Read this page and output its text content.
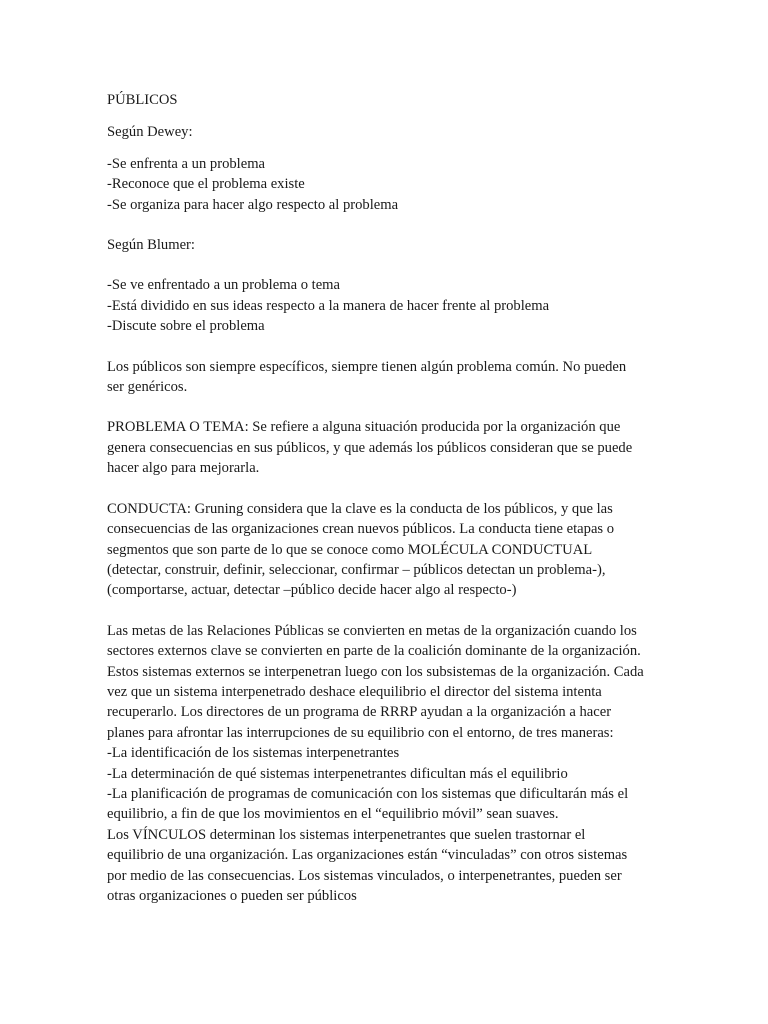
PÚBLICOS
Según Dewey:
-Se enfrenta a un problema
-Reconoce que el problema existe
-Se organiza para hacer algo respecto al problema
Según Blumer:
-Se ve enfrentado a un problema o tema
-Está dividido en sus ideas respecto a la manera de hacer frente al problema
-Discute sobre el problema
Los públicos son siempre específicos, siempre tienen algún problema común. No pueden
ser genéricos.
PROBLEMA O TEMA: Se refiere a alguna situación producida por la organización que
genera consecuencias en sus públicos, y que además los públicos consideran que se puede
hacer algo para mejorarla.
CONDUCTA: Gruning considera que la clave es la conducta de los públicos, y que las
consecuencias de las organizaciones crean nuevos públicos. La conducta tiene etapas o
segmentos que son parte de lo que se conoce como MOLÉCULA CONDUCTUAL
(detectar, construir, definir, seleccionar, confirmar – públicos detectan un problema-),
(comportarse, actuar, detectar –público decide hacer algo al respecto-)
Las metas de las Relaciones Públicas se convierten en metas de la organización cuando los
sectores externos clave se convierten en parte de la coalición dominante de la organización.
Estos sistemas externos se interpenetran luego con los subsistemas de la organización. Cada
vez que un sistema interpenetrado deshace elequilibrio el director del sistema intenta
recuperarlo. Los directores de un programa de RRRP ayudan a la organización a hacer
planes para afrontar las interrupciones de su equilibrio con el entorno, de tres maneras:
-La identificación de los sistemas interpenetrantes
-La determinación de qué sistemas interpenetrantes dificultan más el equilibrio
-La planificación de programas de comunicación con los sistemas que dificultarán más el
equilibrio, a fin de que los movimientos en el “equilibrio móvil” sean suaves.
Los VÍNCULOS determinan los sistemas interpenetrantes que suelen trastornar el
equilibrio de una organización. Las organizaciones están “vinculadas” con otros sistemas
por medio de las consecuencias. Los sistemas vinculados, o interpenetrantes, pueden ser
otras organizaciones o pueden ser públicos
